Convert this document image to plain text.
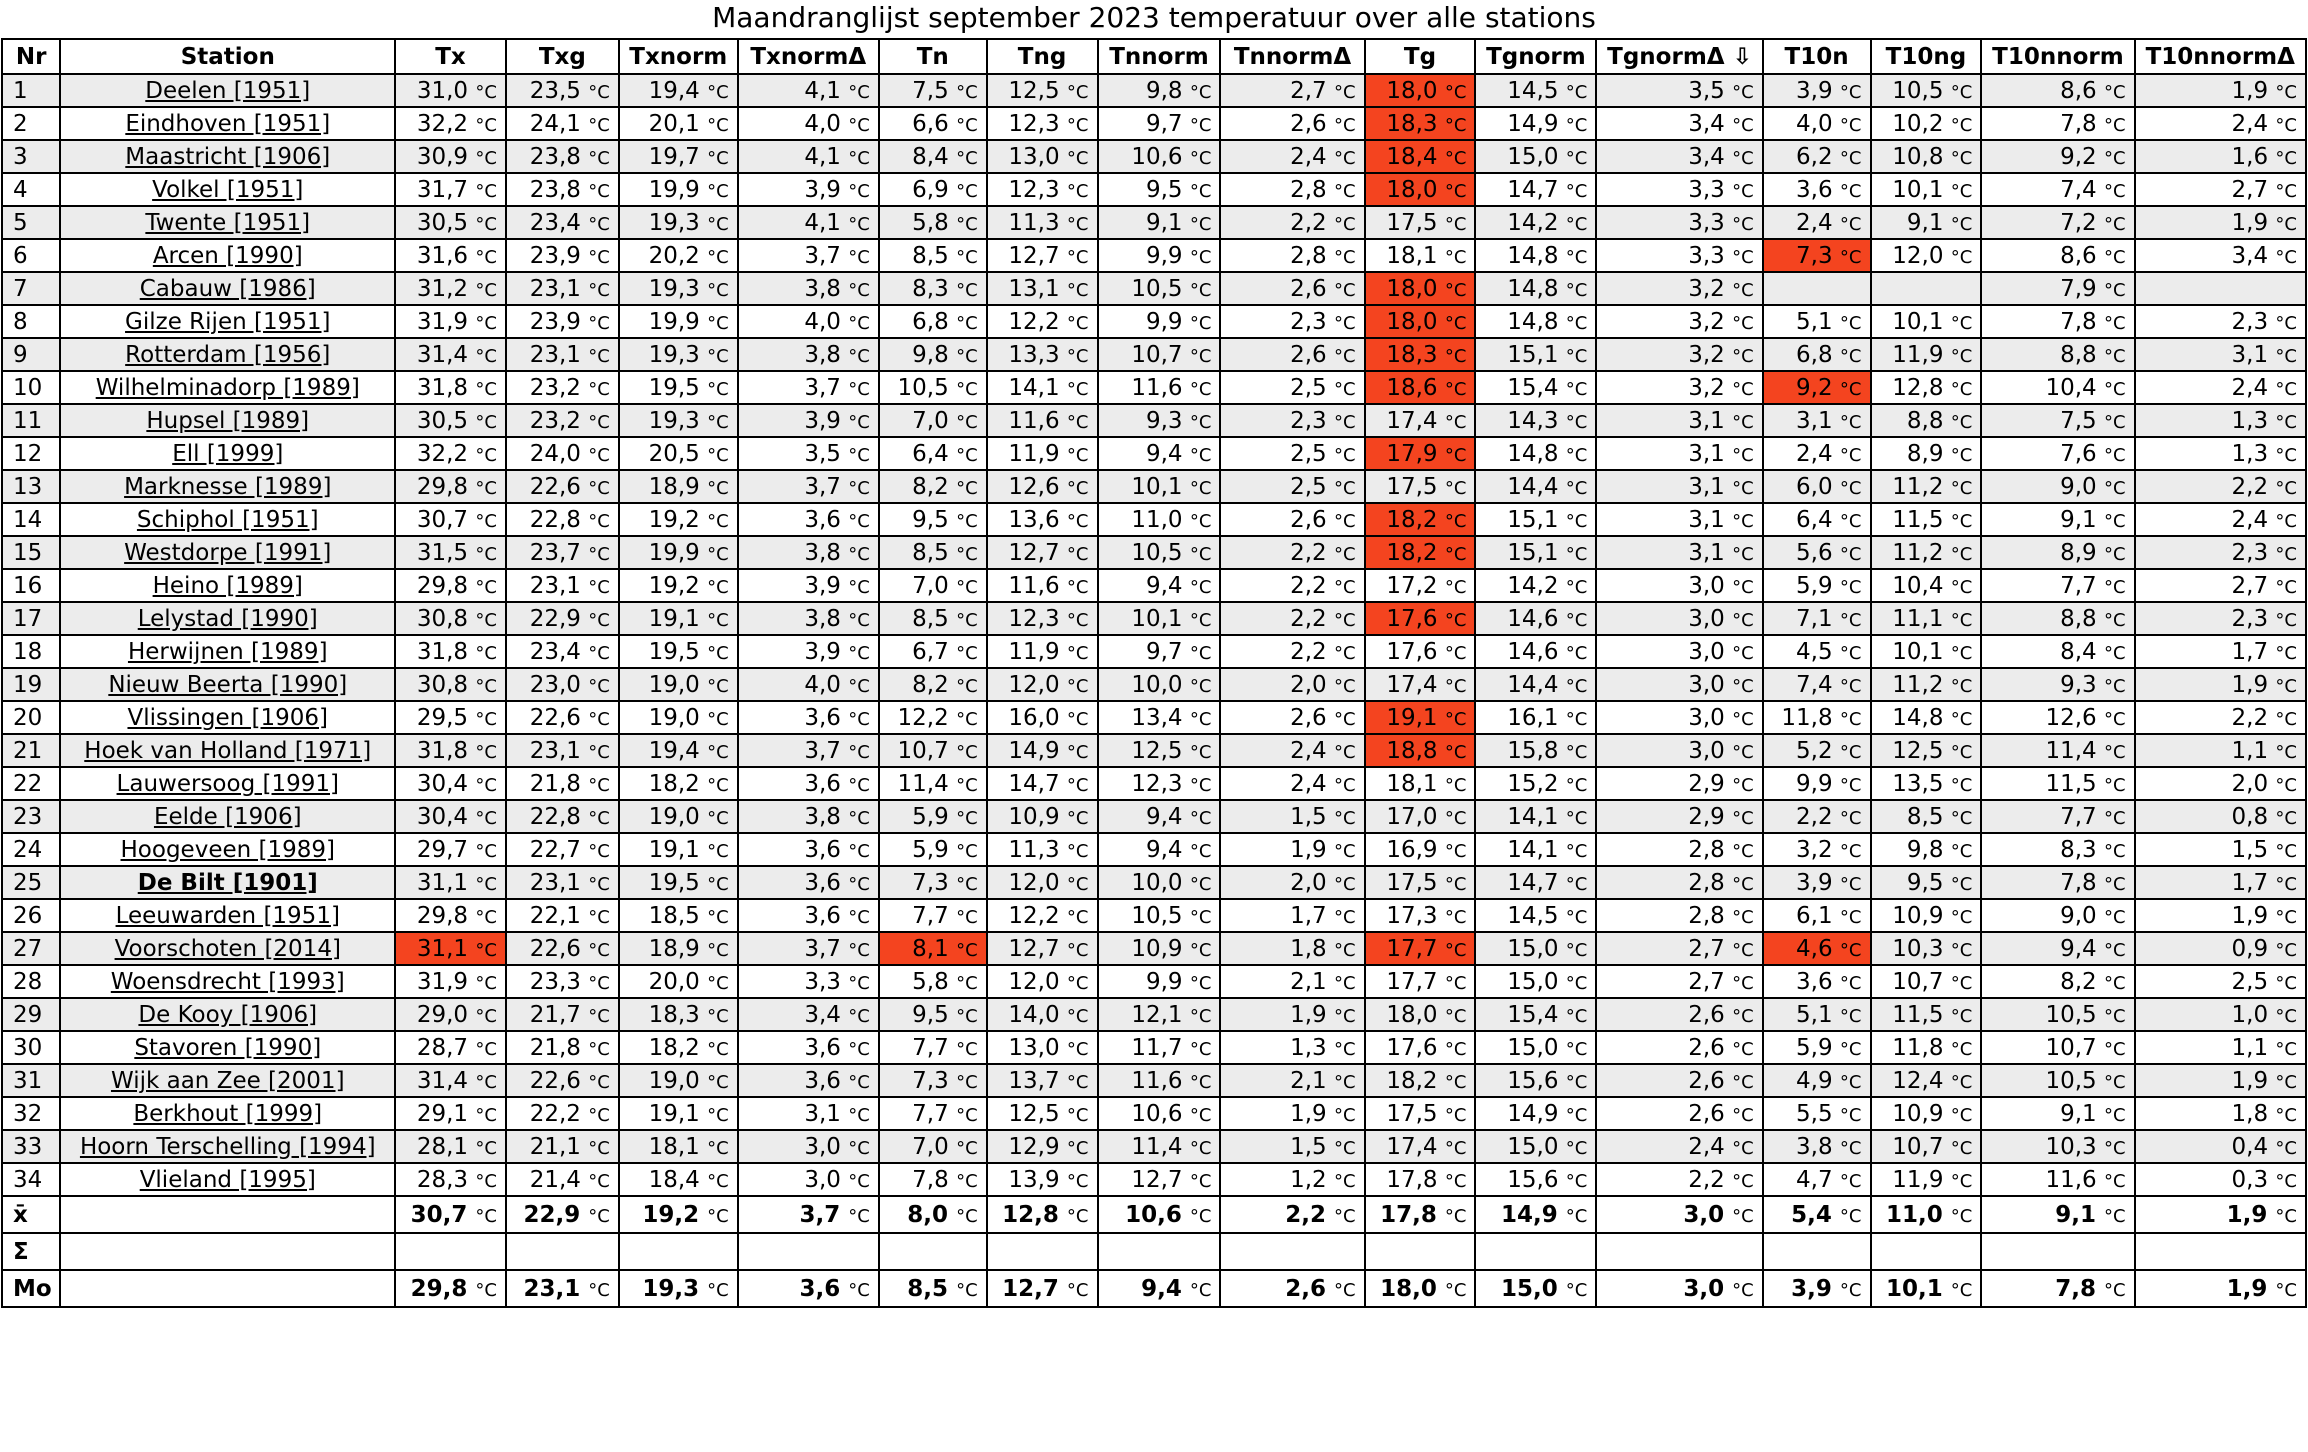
Maandranglijst september 2023 temperatuur over alle stations
Nr	Station	Tx	Txg	Txnorm	TxnormΔ	Tn	Tng	Tnnorm	TnnormΔ	Tg	Tgnorm	TgnormΔ ⇩	T10n	T10ng	T10nnorm	T10nnormΔ
1	Deelen [1951]	31,0 °C	23,5 °C	19,4 °C	4,1 °C	7,5 °C	12,5 °C	9,8 °C	2,7 °C	18,0 °C	14,5 °C	3,5 °C	3,9 °C	10,5 °C	8,6 °C	1,9 °C
2	Eindhoven [1951]	32,2 °C	24,1 °C	20,1 °C	4,0 °C	6,6 °C	12,3 °C	9,7 °C	2,6 °C	18,3 °C	14,9 °C	3,4 °C	4,0 °C	10,2 °C	7,8 °C	2,4 °C
3	Maastricht [1906]	30,9 °C	23,8 °C	19,7 °C	4,1 °C	8,4 °C	13,0 °C	10,6 °C	2,4 °C	18,4 °C	15,0 °C	3,4 °C	6,2 °C	10,8 °C	9,2 °C	1,6 °C
4	Volkel [1951]	31,7 °C	23,8 °C	19,9 °C	3,9 °C	6,9 °C	12,3 °C	9,5 °C	2,8 °C	18,0 °C	14,7 °C	3,3 °C	3,6 °C	10,1 °C	7,4 °C	2,7 °C
5	Twente [1951]	30,5 °C	23,4 °C	19,3 °C	4,1 °C	5,8 °C	11,3 °C	9,1 °C	2,2 °C	17,5 °C	14,2 °C	3,3 °C	2,4 °C	9,1 °C	7,2 °C	1,9 °C
6	Arcen [1990]	31,6 °C	23,9 °C	20,2 °C	3,7 °C	8,5 °C	12,7 °C	9,9 °C	2,8 °C	18,1 °C	14,8 °C	3,3 °C	7,3 °C	12,0 °C	8,6 °C	3,4 °C
7	Cabauw [1986]	31,2 °C	23,1 °C	19,3 °C	3,8 °C	8,3 °C	13,1 °C	10,5 °C	2,6 °C	18,0 °C	14,8 °C	3,2 °C			7,9 °C	
8	Gilze Rijen [1951]	31,9 °C	23,9 °C	19,9 °C	4,0 °C	6,8 °C	12,2 °C	9,9 °C	2,3 °C	18,0 °C	14,8 °C	3,2 °C	5,1 °C	10,1 °C	7,8 °C	2,3 °C
9	Rotterdam [1956]	31,4 °C	23,1 °C	19,3 °C	3,8 °C	9,8 °C	13,3 °C	10,7 °C	2,6 °C	18,3 °C	15,1 °C	3,2 °C	6,8 °C	11,9 °C	8,8 °C	3,1 °C
10	Wilhelminadorp [1989]	31,8 °C	23,2 °C	19,5 °C	3,7 °C	10,5 °C	14,1 °C	11,6 °C	2,5 °C	18,6 °C	15,4 °C	3,2 °C	9,2 °C	12,8 °C	10,4 °C	2,4 °C
11	Hupsel [1989]	30,5 °C	23,2 °C	19,3 °C	3,9 °C	7,0 °C	11,6 °C	9,3 °C	2,3 °C	17,4 °C	14,3 °C	3,1 °C	3,1 °C	8,8 °C	7,5 °C	1,3 °C
12	Ell [1999]	32,2 °C	24,0 °C	20,5 °C	3,5 °C	6,4 °C	11,9 °C	9,4 °C	2,5 °C	17,9 °C	14,8 °C	3,1 °C	2,4 °C	8,9 °C	7,6 °C	1,3 °C
13	Marknesse [1989]	29,8 °C	22,6 °C	18,9 °C	3,7 °C	8,2 °C	12,6 °C	10,1 °C	2,5 °C	17,5 °C	14,4 °C	3,1 °C	6,0 °C	11,2 °C	9,0 °C	2,2 °C
14	Schiphol [1951]	30,7 °C	22,8 °C	19,2 °C	3,6 °C	9,5 °C	13,6 °C	11,0 °C	2,6 °C	18,2 °C	15,1 °C	3,1 °C	6,4 °C	11,5 °C	9,1 °C	2,4 °C
15	Westdorpe [1991]	31,5 °C	23,7 °C	19,9 °C	3,8 °C	8,5 °C	12,7 °C	10,5 °C	2,2 °C	18,2 °C	15,1 °C	3,1 °C	5,6 °C	11,2 °C	8,9 °C	2,3 °C
16	Heino [1989]	29,8 °C	23,1 °C	19,2 °C	3,9 °C	7,0 °C	11,6 °C	9,4 °C	2,2 °C	17,2 °C	14,2 °C	3,0 °C	5,9 °C	10,4 °C	7,7 °C	2,7 °C
17	Lelystad [1990]	30,8 °C	22,9 °C	19,1 °C	3,8 °C	8,5 °C	12,3 °C	10,1 °C	2,2 °C	17,6 °C	14,6 °C	3,0 °C	7,1 °C	11,1 °C	8,8 °C	2,3 °C
18	Herwijnen [1989]	31,8 °C	23,4 °C	19,5 °C	3,9 °C	6,7 °C	11,9 °C	9,7 °C	2,2 °C	17,6 °C	14,6 °C	3,0 °C	4,5 °C	10,1 °C	8,4 °C	1,7 °C
19	Nieuw Beerta [1990]	30,8 °C	23,0 °C	19,0 °C	4,0 °C	8,2 °C	12,0 °C	10,0 °C	2,0 °C	17,4 °C	14,4 °C	3,0 °C	7,4 °C	11,2 °C	9,3 °C	1,9 °C
20	Vlissingen [1906]	29,5 °C	22,6 °C	19,0 °C	3,6 °C	12,2 °C	16,0 °C	13,4 °C	2,6 °C	19,1 °C	16,1 °C	3,0 °C	11,8 °C	14,8 °C	12,6 °C	2,2 °C
21	Hoek van Holland [1971]	31,8 °C	23,1 °C	19,4 °C	3,7 °C	10,7 °C	14,9 °C	12,5 °C	2,4 °C	18,8 °C	15,8 °C	3,0 °C	5,2 °C	12,5 °C	11,4 °C	1,1 °C
22	Lauwersoog [1991]	30,4 °C	21,8 °C	18,2 °C	3,6 °C	11,4 °C	14,7 °C	12,3 °C	2,4 °C	18,1 °C	15,2 °C	2,9 °C	9,9 °C	13,5 °C	11,5 °C	2,0 °C
23	Eelde [1906]	30,4 °C	22,8 °C	19,0 °C	3,8 °C	5,9 °C	10,9 °C	9,4 °C	1,5 °C	17,0 °C	14,1 °C	2,9 °C	2,2 °C	8,5 °C	7,7 °C	0,8 °C
24	Hoogeveen [1989]	29,7 °C	22,7 °C	19,1 °C	3,6 °C	5,9 °C	11,3 °C	9,4 °C	1,9 °C	16,9 °C	14,1 °C	2,8 °C	3,2 °C	9,8 °C	8,3 °C	1,5 °C
25	De Bilt [1901]	31,1 °C	23,1 °C	19,5 °C	3,6 °C	7,3 °C	12,0 °C	10,0 °C	2,0 °C	17,5 °C	14,7 °C	2,8 °C	3,9 °C	9,5 °C	7,8 °C	1,7 °C
26	Leeuwarden [1951]	29,8 °C	22,1 °C	18,5 °C	3,6 °C	7,7 °C	12,2 °C	10,5 °C	1,7 °C	17,3 °C	14,5 °C	2,8 °C	6,1 °C	10,9 °C	9,0 °C	1,9 °C
27	Voorschoten [2014]	31,1 °C	22,6 °C	18,9 °C	3,7 °C	8,1 °C	12,7 °C	10,9 °C	1,8 °C	17,7 °C	15,0 °C	2,7 °C	4,6 °C	10,3 °C	9,4 °C	0,9 °C
28	Woensdrecht [1993]	31,9 °C	23,3 °C	20,0 °C	3,3 °C	5,8 °C	12,0 °C	9,9 °C	2,1 °C	17,7 °C	15,0 °C	2,7 °C	3,6 °C	10,7 °C	8,2 °C	2,5 °C
29	De Kooy [1906]	29,0 °C	21,7 °C	18,3 °C	3,4 °C	9,5 °C	14,0 °C	12,1 °C	1,9 °C	18,0 °C	15,4 °C	2,6 °C	5,1 °C	11,5 °C	10,5 °C	1,0 °C
30	Stavoren [1990]	28,7 °C	21,8 °C	18,2 °C	3,6 °C	7,7 °C	13,0 °C	11,7 °C	1,3 °C	17,6 °C	15,0 °C	2,6 °C	5,9 °C	11,8 °C	10,7 °C	1,1 °C
31	Wijk aan Zee [2001]	31,4 °C	22,6 °C	19,0 °C	3,6 °C	7,3 °C	13,7 °C	11,6 °C	2,1 °C	18,2 °C	15,6 °C	2,6 °C	4,9 °C	12,4 °C	10,5 °C	1,9 °C
32	Berkhout [1999]	29,1 °C	22,2 °C	19,1 °C	3,1 °C	7,7 °C	12,5 °C	10,6 °C	1,9 °C	17,5 °C	14,9 °C	2,6 °C	5,5 °C	10,9 °C	9,1 °C	1,8 °C
33	Hoorn Terschelling [1994]	28,1 °C	21,1 °C	18,1 °C	3,0 °C	7,0 °C	12,9 °C	11,4 °C	1,5 °C	17,4 °C	15,0 °C	2,4 °C	3,8 °C	10,7 °C	10,3 °C	0,4 °C
34	Vlieland [1995]	28,3 °C	21,4 °C	18,4 °C	3,0 °C	7,8 °C	13,9 °C	12,7 °C	1,2 °C	17,8 °C	15,6 °C	2,2 °C	4,7 °C	11,9 °C	11,6 °C	0,3 °C
x̄		30,7 °C	22,9 °C	19,2 °C	3,7 °C	8,0 °C	12,8 °C	10,6 °C	2,2 °C	17,8 °C	14,9 °C	3,0 °C	5,4 °C	11,0 °C	9,1 °C	1,9 °C
Σ																
Mo		29,8 °C	23,1 °C	19,3 °C	3,6 °C	8,5 °C	12,7 °C	9,4 °C	2,6 °C	18,0 °C	15,0 °C	3,0 °C	3,9 °C	10,1 °C	7,8 °C	1,9 °C
